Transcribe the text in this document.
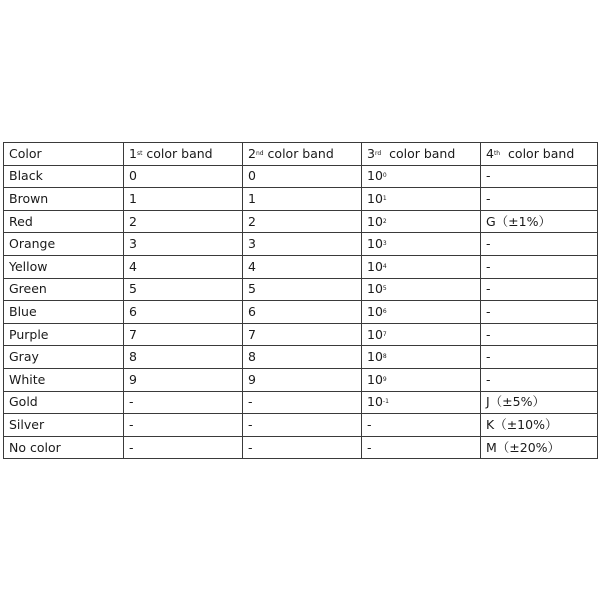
Color	1st color band	2nd color band	3rd  color band	4th  color band
Black	0	0	$10^0$	-
Brown	1	1	$10^1$	-
Red	2	2	$10^2$	G（±1%）
Orange	3	3	$10^3$	-
Yellow	4	4	$10^4$	-
Green	5	5	$10^5$	-
Blue	6	6	$10^6$	-
Purple	7	7	$10^7$	-
Gray	8	8	$10^8$	-
White	9	9	$10^9$	-
Gold	-	-	$10^{-1}$	J（±5%）
Silver	-	-	-	K（±10%）
No color	-	-	-	M（±20%）
